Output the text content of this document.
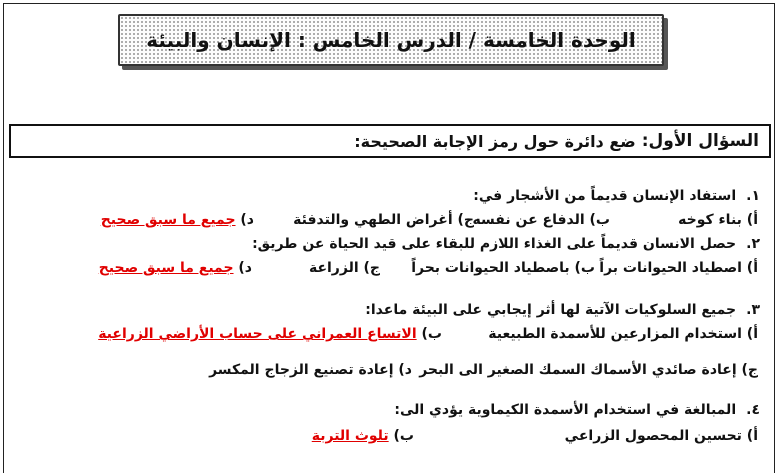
الوحدة الخامسة / الدرس الخامس : الإنسان والبيئة
السؤال الأول:
ضع دائرة حول رمز الإجابة الصحيحة:
١.استفاد الإنسان قديماً من الأشجار في:
أ) بناء كوخه
ب) الدفاع عن نفسه
ج) أغراض الطهي والتدفئة
د) جميع ما سبق صحيح
٢.حصل الانسان قديماً على الغذاء اللازم للبقاء على قيد الحياة عن طريق:
أ) اصطياد الحيوانات براً
ب) باصطياد الحيوانات بحراً
ج) الزراعة
د) جميع ما سبق صحيح
٣.جميع السلوكيات الآتية لها أثر إيجابي على البيئة ماعدا:
أ) استخدام المزارعين للأسمدة الطبيعية
ب) الاتساع العمراني على حساب الأراضي الزراعية
ج) إعادة صائدي الأسماك السمك الصغير الى البحر
د) إعادة تصنيع الزجاج المكسر
٤.المبالغة في استخدام الأسمدة الكيماوية يؤدي الى:
أ) تحسين المحصول الزراعي
ب) تلوث التربة
